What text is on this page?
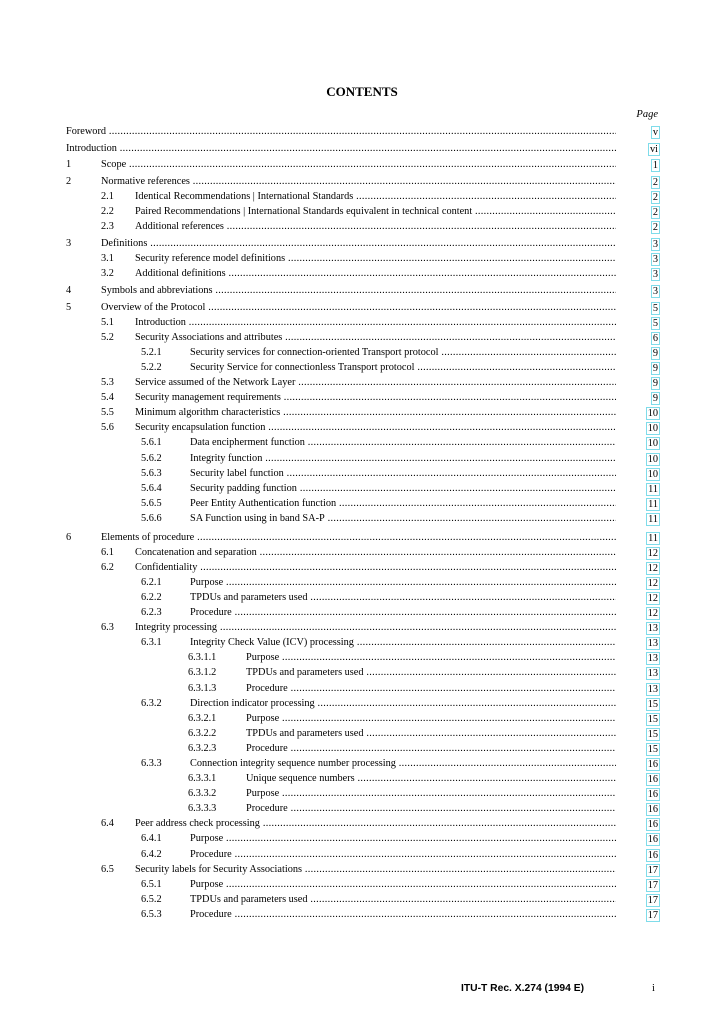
CONTENTS
Page
Foreword .....	v
Introduction .....	vi
1	Scope .....	1
2	Normative references .....	2
2.1 Identical Recommendations | International Standards .....	2
2.2 Paired Recommendations | International Standards equivalent in technical content .....	2
2.3 Additional references .....	2
3	Definitions .....	3
3.1 Security reference model definitions .....	3
3.2 Additional definitions .....	3
4	Symbols and abbreviations .....	3
5	Overview of the Protocol .....	5
5.1 Introduction .....	5
5.2 Security Associations and attributes .....	6
5.2.1	Security services for connection-oriented Transport protocol .....	9
5.2.2	Security Service for connectionless Transport protocol .....	9
5.3 Service assumed of the Network Layer .....	9
5.4 Security management requirements .....	9
5.5 Minimum algorithm characteristics .....	10
5.6 Security encapsulation function .....	10
5.6.1	Data encipherment function .....	10
5.6.2	Integrity function .....	10
5.6.3	Security label function .....	10
5.6.4	Security padding function .....	11
5.6.5	Peer Entity Authentication function .....	11
5.6.6	SA Function using in band SA-P .....	11
6	Elements of procedure .....	11
6.1 Concatenation and separation .....	12
6.2 Confidentiality .....	12
6.2.1	Purpose .....	12
6.2.2	TPDUs and parameters used .....	12
6.2.3	Procedure .....	12
6.3 Integrity processing .....	13
6.3.1	Integrity Check Value (ICV) processing .....	13
6.3.1.1	Purpose .....	13
6.3.1.2	TPDUs and parameters used .....	13
6.3.1.3	Procedure .....	13
6.3.2	Direction indicator processing .....	15
6.3.2.1	Purpose .....	15
6.3.2.2	TPDUs and parameters used .....	15
6.3.2.3	Procedure .....	15
6.3.3	Connection integrity sequence number processing .....	16
6.3.3.1	Unique sequence numbers .....	16
6.3.3.2	Purpose .....	16
6.3.3.3	Procedure .....	16
6.4 Peer address check processing .....	16
6.4.1	Purpose .....	16
6.4.2	Procedure .....	16
6.5 Security labels for Security Associations .....	17
6.5.1	Purpose .....	17
6.5.2	TPDUs and parameters used .....	17
6.5.3	Procedure .....	17
ITU-T Rec. X.274 (1994 E)	i
